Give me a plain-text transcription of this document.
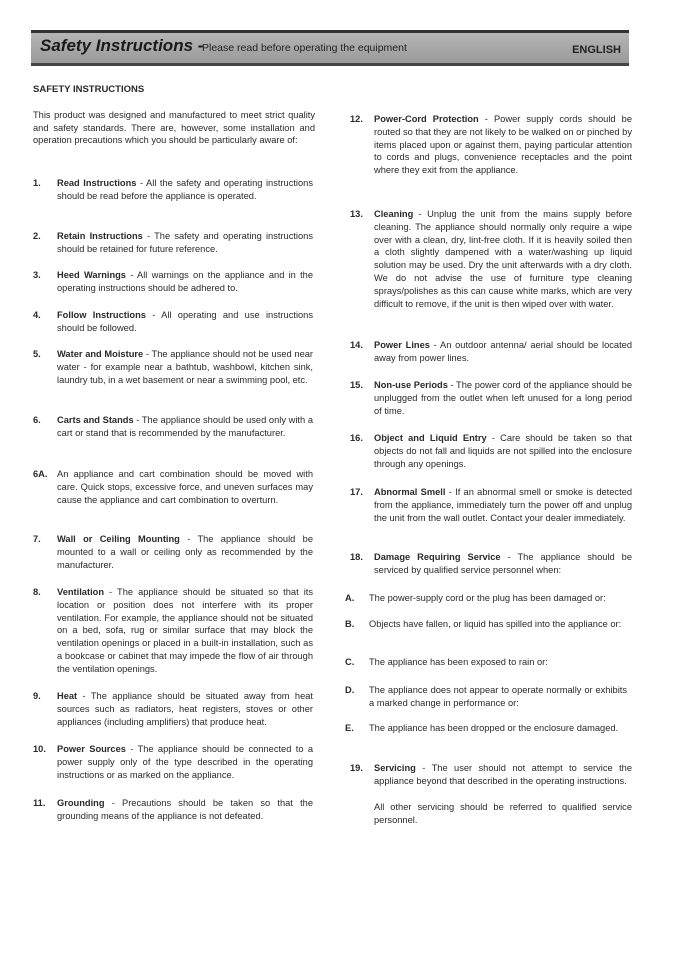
Safety Instructions -
Please read before operating the equipment	ENGLISH
SAFETY INSTRUCTIONS
This product was designed and manufactured to meet strict quality and safety standards. There are, however, some installation and operation precautions which you should be particularly aware of:
1. Read Instructions - All the safety and operating instructions should be read before the appliance is operated.
2. Retain Instructions - The safety and operating instructions should be retained for future reference.
3. Heed Warnings - All warnings on the appliance and in the operating instructions should be adhered to.
4. Follow Instructions - All operating and use instructions should be followed.
5. Water and Moisture - The appliance should not be used near water - for example near a bathtub, washbowl, kitchen sink, laundry tub, in a wet basement or near a swimming pool, etc.
6. Carts and Stands - The appliance should be used only with a cart or stand that is recommended by the manufacturer.
6A. An appliance and cart combination should be moved with care. Quick stops, excessive force, and uneven surfaces may cause the appliance and cart combination to overturn.
7. Wall or Ceiling Mounting - The appliance should be mounted to a wall or ceiling only as recommended by the manufacturer.
8. Ventilation - The appliance should be situated so that its location or position does not interfere with its proper ventilation. For example, the appliance should not be situated on a bed, sofa, rug or similar surface that may block the ventilation openings or placed in a built-in installation, such as a bookcase or cabinet that may impede the flow of air through the ventilation openings.
9. Heat - The appliance should be situated away from heat sources such as radiators, heat registers, stoves or other appliances (including amplifiers) that produce heat.
10. Power Sources - The appliance should be connected to a power supply only of the type described in the operating instructions or as marked on the appliance.
11. Grounding - Precautions should be taken so that the grounding means of the appliance is not defeated.
12. Power-Cord Protection - Power supply cords should be routed so that they are not likely to be walked on or pinched by items placed upon or against them, paying particular attention to cords and plugs, convenience receptacles and the point where they exit from the appliance.
13. Cleaning - Unplug the unit from the mains supply before cleaning. The appliance should normally only require a wipe over with a clean, dry, lint-free cloth. If it is heavily soiled then a cloth slightly dampened with a water/washing up liquid solution may be used. Dry the unit afterwards with a dry cloth. We do not advise the use of furniture type cleaning sprays/polishes as this can cause white marks, which are very difficult to remove, if the unit is then wiped over with water.
14. Power Lines - An outdoor antenna/ aerial should be located away from power lines.
15. Non-use Periods - The power cord of the appliance should be unplugged from the outlet when left unused for a long period of time.
16. Object and Liquid Entry - Care should be taken so that objects do not fall and liquids are not spilled into the enclosure through any openings.
17. Abnormal Smell - If an abnormal smell or smoke is detected from the appliance, immediately turn the power off and unplug the unit from the wall outlet. Contact your dealer immediately.
18. Damage Requiring Service - The appliance should be serviced by qualified service personnel when:
A. The power-supply cord or the plug has been damaged or:
B. Objects have fallen, or liquid has spilled into the appliance or:
C. The appliance has been exposed to rain or:
D. The appliance does not appear to operate normally or exhibits a marked change in performance or:
E. The appliance has been dropped or the enclosure damaged.
19. Servicing - The user should not attempt to service the appliance beyond that described in the operating instructions.
All other servicing should be referred to qualified service personnel.
